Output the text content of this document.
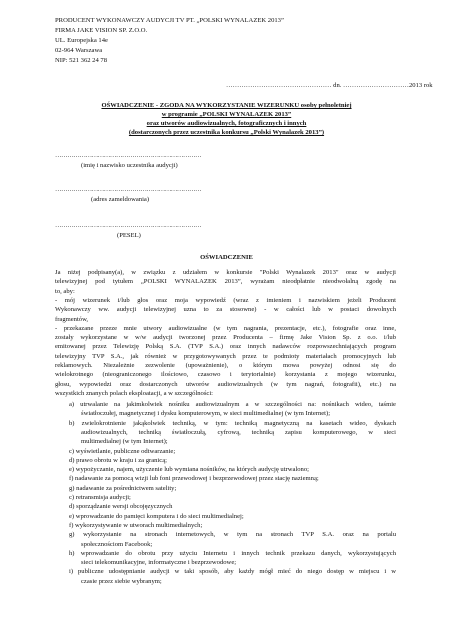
PRODUCENT WYKONAWCZY AUDYCJI TV PT. „POLSKI WYNALAZEK 2013”
FIRMA JAKE VISION SP. Z.O.O.
UL. Europejska 14e
02-964 Warszawa
NIP: 521 362 24 78
………………………………………… dn. …………………………2013 rok
OŚWIADCZENIE - ZGODA NA WYKORZYSTANIE WIZERUNKU osoby pełnoletniej
w programie „POLSKI WYNALAZEK 2013”
oraz utworów audiowizualnych, fotograficznych i innych
(dostarczonych przez uczestnika konkursu „Polski Wynalazek 2013”)
………………………………………………………………
(imię i nazwisko uczestnika audycji)
………………………………………………………………
(adres zameldowania)
………………………………………………………………
(PESEL)
OŚWIADCZENIE
Ja niżej podpisany(a), w związku z udziałem w konkursie "Polski Wynalazek 2013" oraz w audycji
telewizyjnej pod tytułem „POLSKI WYNALAZEK 2013”, wyrażam nieodpłatnie nieodwołalną zgodę na
to, aby:
- mój wizerunek i/lub głos oraz moja wypowiedź (wraz z imieniem i nazwiskiem jeżeli Producent
Wykonawczy ww. audycji telewizyjnej uzna to za stosowne) - w całości lub w postaci dowolnych
fragmentów,
- przekazane przeze mnie utwory audiowizualne (w tym nagrania, prezentacje, etc.), fotografie oraz inne,
zostały wykorzystane w w/w audycji tworzonej przez Producenta – firmę Jake Vision Sp. z o.o. i/lub
emitowanej przez Telewizję Polską S.A. (TVP S.A.) oraz innych nadawców rozpowszechniających program
telewizyjny TVP S.A., jak również w przygotowywanych przez te podmioty materiałach promocyjnych lub
reklamowych. Niezależnie zezwolenie (upoważnienie), o którym mowa powyżej odnosi się do
wielokrotnego (nieograniczonego ilościowo, czasowo i terytorialnie) korzystania z mojego wizerunku,
głosu, wypowiedzi oraz dostarczonych utworów audiowizualnych (w tym nagrań, fotografii), etc.) na
wszystkich znanych polach eksploatacji, a w szczególności:
a) utrwalanie na jakimkolwiek nośniku audiowizualnym a w szczególności na: nośnikach wideo, taśmie
światłoczułej, magnetycznej i dysku komputerowym, w sieci multimedialnej (w tym Internet);
b) zwielokrotnienie jakąkolwiek techniką, w tym: techniką magnetyczną na kasetach wideo, dyskach
audiowizualnych, techniką światłoczułą, cyfrową, techniką zapisu komputerowego, w sieci
multimedialnej (w tym Internet);
c) wyświetlanie, publiczne odtwarzanie;
d) prawo obrotu w kraju i za granicą;
e) wypożyczanie, najem, użyczenie lub wymiana nośników, na których audycję utrwalono;
f) nadawanie za pomocą wizji lub foni przewodowej i bezprzewodowej przez stację naziemną;
g) nadawanie za pośrednictwem satelity;
c) retransmisja audycji;
d) sporządzanie wersji obcojęzycznych
e) wprowadzanie do pamięci komputera i do sieci multimedialnej;
f) wykorzystywanie w utworach multimedialnych;
g) wykorzystanie na stronach internetowych, w tym na stronach TVP S.A. oraz na portalu
społecznościom Facebook;
h) wprowadzanie do obrotu przy użyciu Internetu i innych technik przekazu danych, wykorzystujących
sieci telekomunikacyjne, informatyczne i bezprzewodowe;
i) publiczne udostępnianie audycji w taki sposób, aby każdy mógł mieć do niego dostęp w miejscu i w
czasie przez siebie wybranym;
